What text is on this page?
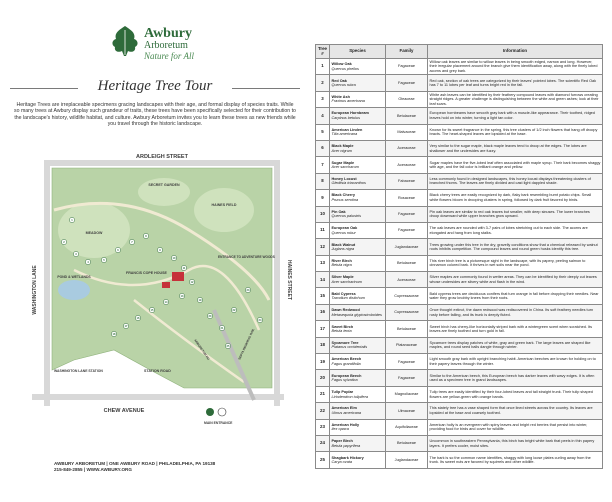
Awbury
Arboretum
Nature for All
Heritage Tree Tour
Heritage Trees are irreplaceable specimens gracing landscapes with their age, and formal display of species traits. While so many trees at Awbury display such grandeur of traits, these trees have been specifically selected for their contribution to the landscape's history, wildlife habitat, and culture. Awbury Arboretum invites you to learn these trees as new friends while you travel through the historic landscape.
ARDLEIGH STREET
WASHINGTON LANE	HAINES STREET
CHEW AVENUE
STATION ROAD
WASHINGTON LANE STATION
SEPTA REGIONAL RAIL
SECRET GARDEN
HAINES FIELD
MEADOW
POND & WETLANDS
FRANCIS COPE HOUSE
ENTRANCE TO ADVENTURE WOODS
MAIN ENTRANCE
ARBORETUM RD
1
2
3
4
5
6
7
8
9
10
11
12
13
14
15
16
17
18
19
20
21
22
23
24
25
AWBURY ARBORETUM | ONE AWBURY ROAD | PHILADELPHIA, PA 19138
215-849-2855 | WWW.AWBURY.ORG
Tree #	Species	Family	Information
1	Willow Oak
Quercus phellos	Fagaceae	Willow oak leaves are similar to willow leaves in being smooth edged, narrow and long. However, their irregular placement around the branch give them identification away, along with the finely lobed acorns and grey bark.
2	Red Oak
Quercus rubra	Fagaceae	Red oak, section of oak trees are categorized by their leaves' pointed lobes. The scientific Red Oak has 7 to 11 lobes per leaf and turns bright red in the fall.
3	White Ash
Fraxinus americana	Oleaceae	White ash leaves can be identified by their feathery compound leaves with diamond furrows creating straight ridges. A greater challenge is distinguishing between the white and green ashes; look at their leaf scars.
4	European Hornbeam
Carpinus betulus	Betulaceae	European hornbeams have smooth gray bark with a muscle-like appearance. Their toothed, ridged leaves hold on into winter, turning a light tan color.
5	American Linden
Tilia americana	Malvaceae	Known for its sweet fragrance in the spring, this tree clusters of 1/2 inch flowers that hang off droopy bracts. The heart-shaped leaves are lopsided at the base.
6	Black Maple
Acer nigrum	Aceraceae	Very similar to the sugar maple, black maple leaves tend to droop at the edges. The lobes are shallower and the undersides are fuzzy.
7	Sugar Maple
Acer saccharum	Aceraceae	Sugar maples have the five-lobed leaf often associated with maple syrup. Their bark becomes shaggy with age, and the fall color is brilliant orange and yellow.
8	Honey Locust
Gleditsia triacanthos	Fabaceae	Less commonly found in designed landscapes, this honey locust displays threatening clusters of branched thorns. The leaves are finely divided and cast light dappled shade.
9	Black Cherry
Prunus serotina	Rosaceae	Black cherry trees are easily recognized by dark, flaky bark resembling burnt potato chips. Small white flowers bloom in drooping clusters in spring, followed by dark fruit favored by birds.
10	Pin Oak
Quercus palustris	Fagaceae	Pin oak leaves are similar to red oak leaves but smaller, with deep sinuses. The lower branches droop downward while upper branches grow upward.
11	European Oak
Quercus robur	Fagaceae	The oak leaves are rounded with 3-7 pairs of lobes stretching out to each side. The acorns are elongated and hang from long stalks.
12	Black Walnut
Juglans nigra	Juglandaceae	Trees growing under this tree in the dry, gravelly conditions show that a chemical released by walnut roots inhibits competition. The compound leaves and round green husks identify this tree.
13	River Birch
Betula nigra	Betulaceae	This river birch tree is a picturesque sight in the landscape, with its papery, peeling salmon to cinnamon colored bark. It thrives in wet soils near the pond.
14	Silver Maple
Acer saccharinum	Aceraceae	Silver maples are commonly found in wetter areas. They can be identified by their deeply cut leaves whose undersides are silvery white and flash in the wind.
15	Bald Cypress
Taxodium distichum	Cupressaceae	Bald cypress trees are deciduous conifers that turn orange in fall before dropping their needles. Near water they grow knobby knees from their roots.
16	Dawn Redwood
Metasequoia glyptostroboides	Cupressaceae	Once thought extinct, the dawn redwood was rediscovered in China. Its soft feathery needles turn rusty before falling, and its trunk is deeply fluted.
17	Sweet Birch
Betula lenta	Betulaceae	Sweet birch has cherry-like horizontally striped bark with a wintergreen scent when scratched. Its leaves are finely toothed and turn gold in fall.
18	Sycamore Tree
Platanus occidentalis	Platanaceae	Sycamore trees display patches of white, gray and green bark. The large leaves are shaped like maples, and round seed balls dangle through winter.
19	American Beech
Fagus grandifolia	Fagaceae	Light smooth gray bark with upright branching habit. American beeches are known for holding on to their papery leaves through the winter.
20	European Beech
Fagus sylvatica	Fagaceae	Similar to the American beech, this European beech has darker leaves with wavy edges. It is often used as a specimen tree in grand landscapes.
21	Tulip Poplar
Liriodendron tulipifera	Magnoliaceae	Tulip trees are easily identified by their four-lobed leaves and tall straight trunk. Their tulip shaped flowers are yellow-green with orange bands.
22	American Elm
Ulmus americana	Ulmaceae	This stately tree has a vase shaped form that once lined streets across the country. Its leaves are lopsided at the base and coarsely toothed.
23	American Holly
Ilex opaca	Aquifoliaceae	American holly is an evergreen with spiny leaves and bright red berries that persist into winter, providing food for birds and cover for wildlife.
24	Paper Birch
Betula papyrifera	Betulaceae	Uncommon in southeastern Pennsylvania, this birch has bright white bark that peels in thin papery layers. It prefers cooler, moist sites.
25	Shagbark Hickory
Carya ovata	Juglandaceae	The bark is so the common name identifies, shaggy with long loose plates curling away from the trunk. Its sweet nuts are favored by squirrels and other wildlife.
